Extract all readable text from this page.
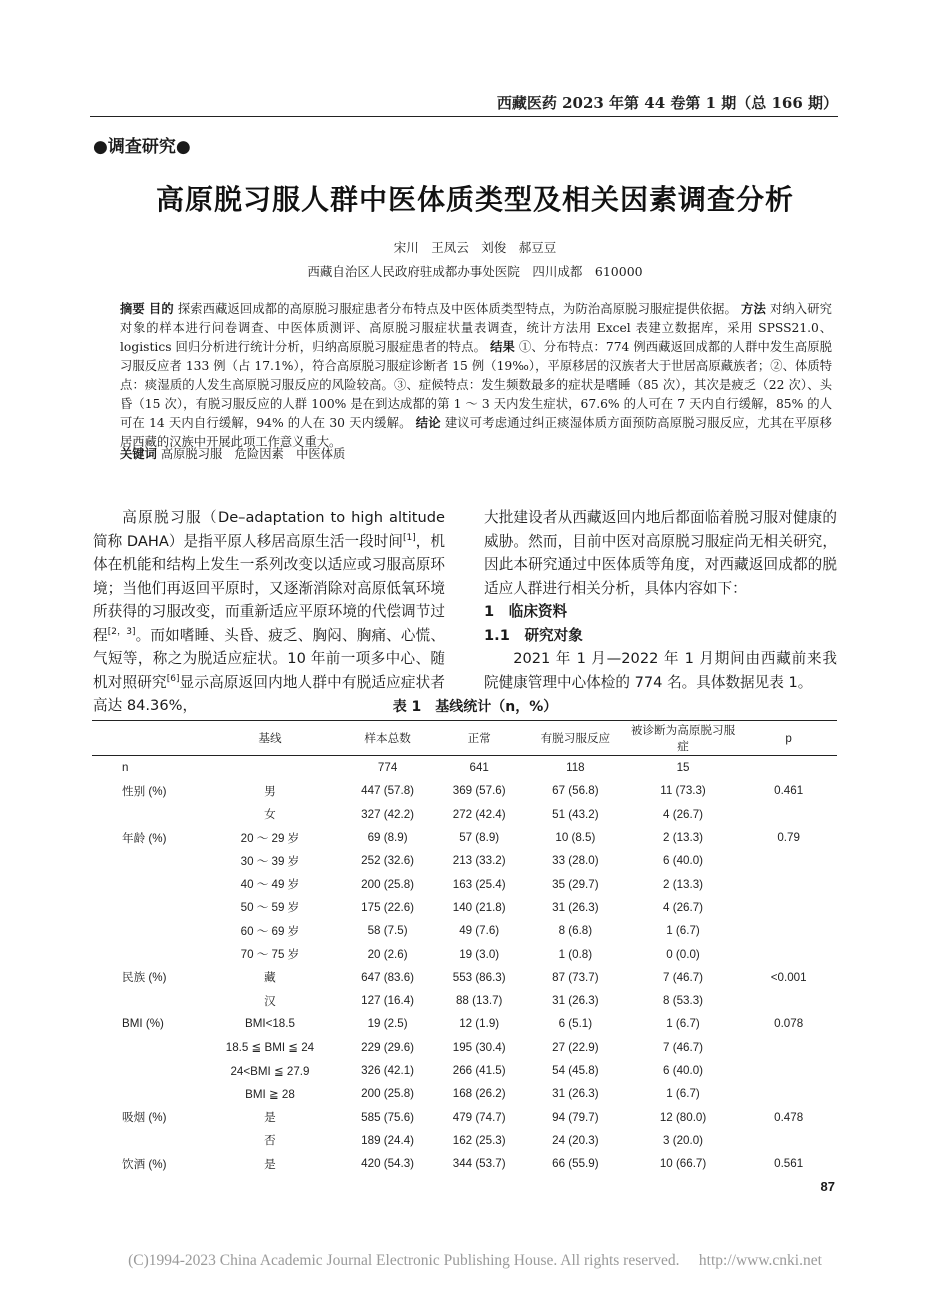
西藏医药 2023 年第 44 卷第 1 期（总 166 期）
●调查研究●
高原脱习服人群中医体质类型及相关因素调查分析
宋川　王凤云　刘俊　郝豆豆
西藏自治区人民政府驻成都办事处医院　四川成都　610000
摘要 目的 探索西藏返回成都的高原脱习服症患者分布特点及中医体质类型特点，为防治高原脱习服症提供依据。 方法 对纳入研究对象的样本进行问卷调查、中医体质测评、高原脱习服症状量表调查，统计方法用 Excel 表建立数据库，采用 SPSS21.0、logistics 回归分析进行统计分析，归纳高原脱习服症患者的特点。 结果 ①、分布特点：774 例西藏返回成都的人群中发生高原脱习服反应者 133 例（占 17.1%），符合高原脱习服症诊断者 15 例（19‰），平原移居的汉族者大于世居高原藏族者；②、体质特点：痰湿质的人发生高原脱习服反应的风险较高。③、症候特点：发生频数最多的症状是嗜睡（85 次），其次是疲乏（22 次）、头昏（15 次），有脱习服反应的人群 100% 是在到达成都的第 1 ～ 3 天内发生症状，67.6% 的人可在 7 天内自行缓解，85% 的人可在 14 天内自行缓解，94% 的人在 30 天内缓解。 结论 建议可考虑通过纠正痰湿体质方面预防高原脱习服反应，尤其在平原移居西藏的汉族中开展此项工作意义重大。
关键词 高原脱习服　危险因素　中医体质

高原脱习服（De–adaptation to high altitude 简称 DAHA）是指平原人移居高原生活一段时间[1]，机体在机能和结构上发生一系列改变以适应或习服高原环境；当他们再返回平原时，又逐渐消除对高原低氧环境所获得的习服改变，而重新适应平原环境的代偿调节过程[2，3]。而如嗜睡、头昏、疲乏、胸闷、胸痛、心慌、气短等，称之为脱适应症状。10 年前一项多中心、随机对照研究[6]显示高原返回内地人群中有脱适应症状者高达 84.36%，

大批建设者从西藏返回内地后都面临着脱习服对健康的威胁。然而，目前中医对高原脱习服症尚无相关研究，因此本研究通过中医体质等角度，对西藏返回成都的脱适应人群进行相关分析，具体内容如下：

1　临床资料

1.1　研究对象

2021 年 1 月—2022 年 1 月期间由西藏前来我院健康管理中心体检的 774 名。具体数据见表 1。

表 1　基线统计（n，%）
	基线	样本总数	正常	有脱习服反应	被诊断为高原脱习服症	p
n		774	641	118	15	
性别 (%)	男	447 (57.8)	369 (57.6)	67 (56.8)	11 (73.3)	0.461
	女	327 (42.2)	272 (42.4)	51 (43.2)	4 (26.7)	
年龄 (%)	20 ～ 29 岁	69 (8.9)	57 (8.9)	10 (8.5)	2 (13.3)	0.79
	30 ～ 39 岁	252 (32.6)	213 (33.2)	33 (28.0)	6 (40.0)	
	40 ～ 49 岁	200 (25.8)	163 (25.4)	35 (29.7)	2 (13.3)	
	50 ～ 59 岁	175 (22.6)	140 (21.8)	31 (26.3)	4 (26.7)	
	60 ～ 69 岁	58 (7.5)	49 (7.6)	8 (6.8)	1 (6.7)	
	70 ～ 75 岁	20 (2.6)	19 (3.0)	1 (0.8)	0 (0.0)	
民族 (%)	藏	647 (83.6)	553 (86.3)	87 (73.7)	7 (46.7)	<0.001
	汉	127 (16.4)	88 (13.7)	31 (26.3)	8 (53.3)	
BMI (%)	BMI<18.5	19 (2.5)	12 (1.9)	6 (5.1)	1 (6.7)	0.078
	18.5 ≦ BMI ≦ 24	229 (29.6)	195 (30.4)	27 (22.9)	7 (46.7)	
	24<BMI ≦ 27.9	326 (42.1)	266 (41.5)	54 (45.8)	6 (40.0)	
	BMI ≧ 28	200 (25.8)	168 (26.2)	31 (26.3)	1 (6.7)	
吸烟 (%)	是	585 (75.6)	479 (74.7)	94 (79.7)	12 (80.0)	0.478
	否	189 (24.4)	162 (25.3)	24 (20.3)	3 (20.0)	
饮酒 (%)	是	420 (54.3)	344 (53.7)	66 (55.9)	10 (66.7)	0.561
87
(C)1994-2023 China Academic Journal Electronic Publishing House. All rights reserved.　 http://www.cnki.net
